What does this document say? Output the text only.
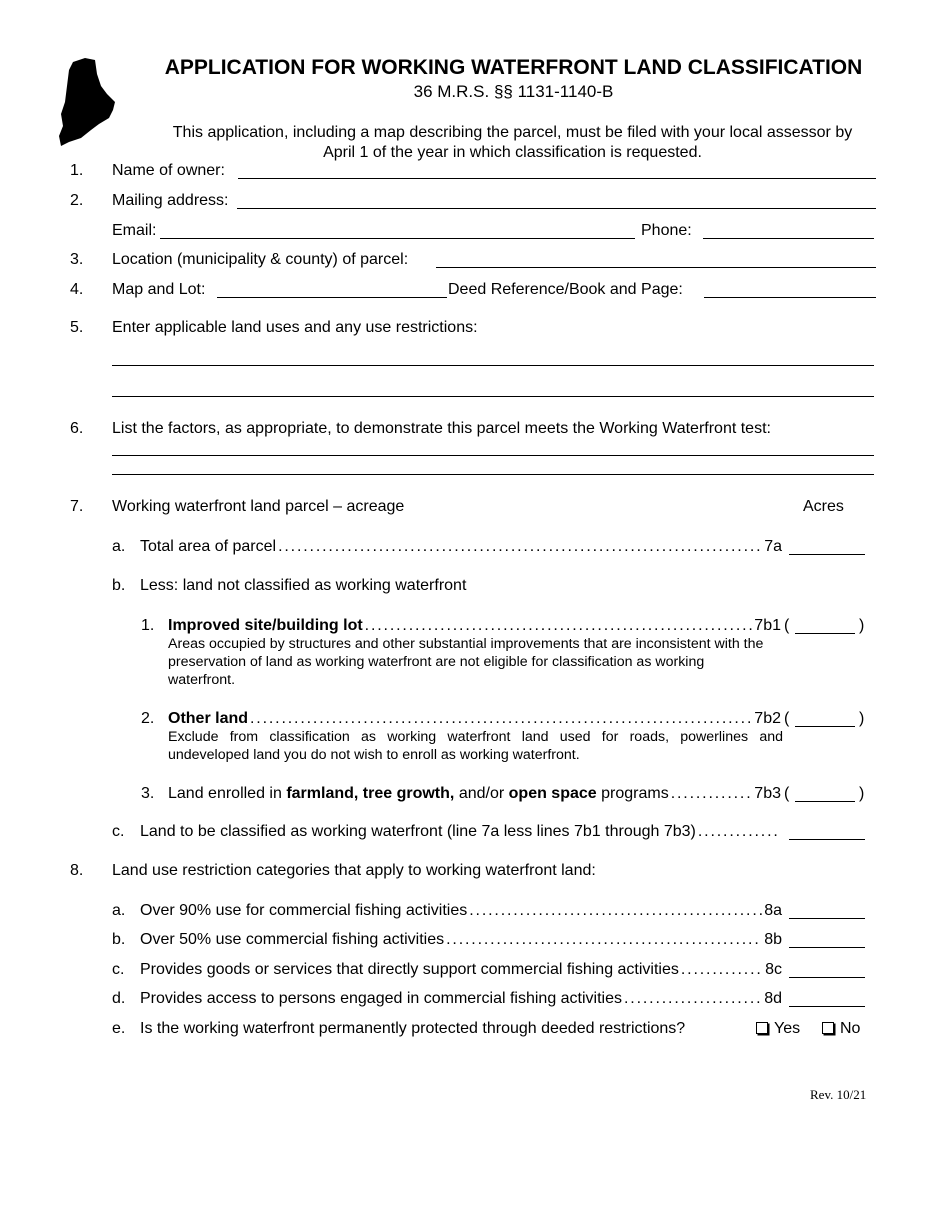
APPLICATION FOR WORKING WATERFRONT LAND CLASSIFICATION
36 M.R.S. §§ 1131-1140-B
This application, including a map describing the parcel, must be filed with your local assessor by
April 1 of the year in which classification is requested.
1. Name of owner:
2. Mailing address:
Email:	Phone:
3. Location (municipality & county) of parcel:
4. Map and Lot:	Deed Reference/Book and Page:
5. Enter applicable land uses and any use restrictions:
6. List the factors, as appropriate, to demonstrate this parcel meets the Working Waterfront test:
7. Working waterfront land parcel – acreage	Acres
a. Total area of parcel . . .	7a
b. Less: land not classified as working waterfront
1. Improved site/building lot . . .	7b1 (	)
Areas occupied by structures and other substantial improvements that are inconsistent with the preservation of land as working waterfront are not eligible for classification as working waterfront.
2. Other land . . .	7b2 (	)
Exclude from classification as working waterfront land used for roads, powerlines and undeveloped land you do not wish to enroll as working waterfront.
3. Land enrolled in farmland, tree growth, and/or open space programs . . .	7b3 (	)
c. Land to be classified as working waterfront (line 7a less lines 7b1 through 7b3)
. . .
8. Land use restriction categories that apply to working waterfront land:
a. Over 90% use for commercial fishing activities . . .	8a
b. Over 50% use commercial fishing activities . . .	8b
c. Provides goods or services that directly support commercial fishing activities . . .	8c
d. Provides access to persons engaged in commercial fishing activities . . .	8d
e. Is the working waterfront permanently protected through deeded restrictions?	Yes	No
Rev. 10/21
